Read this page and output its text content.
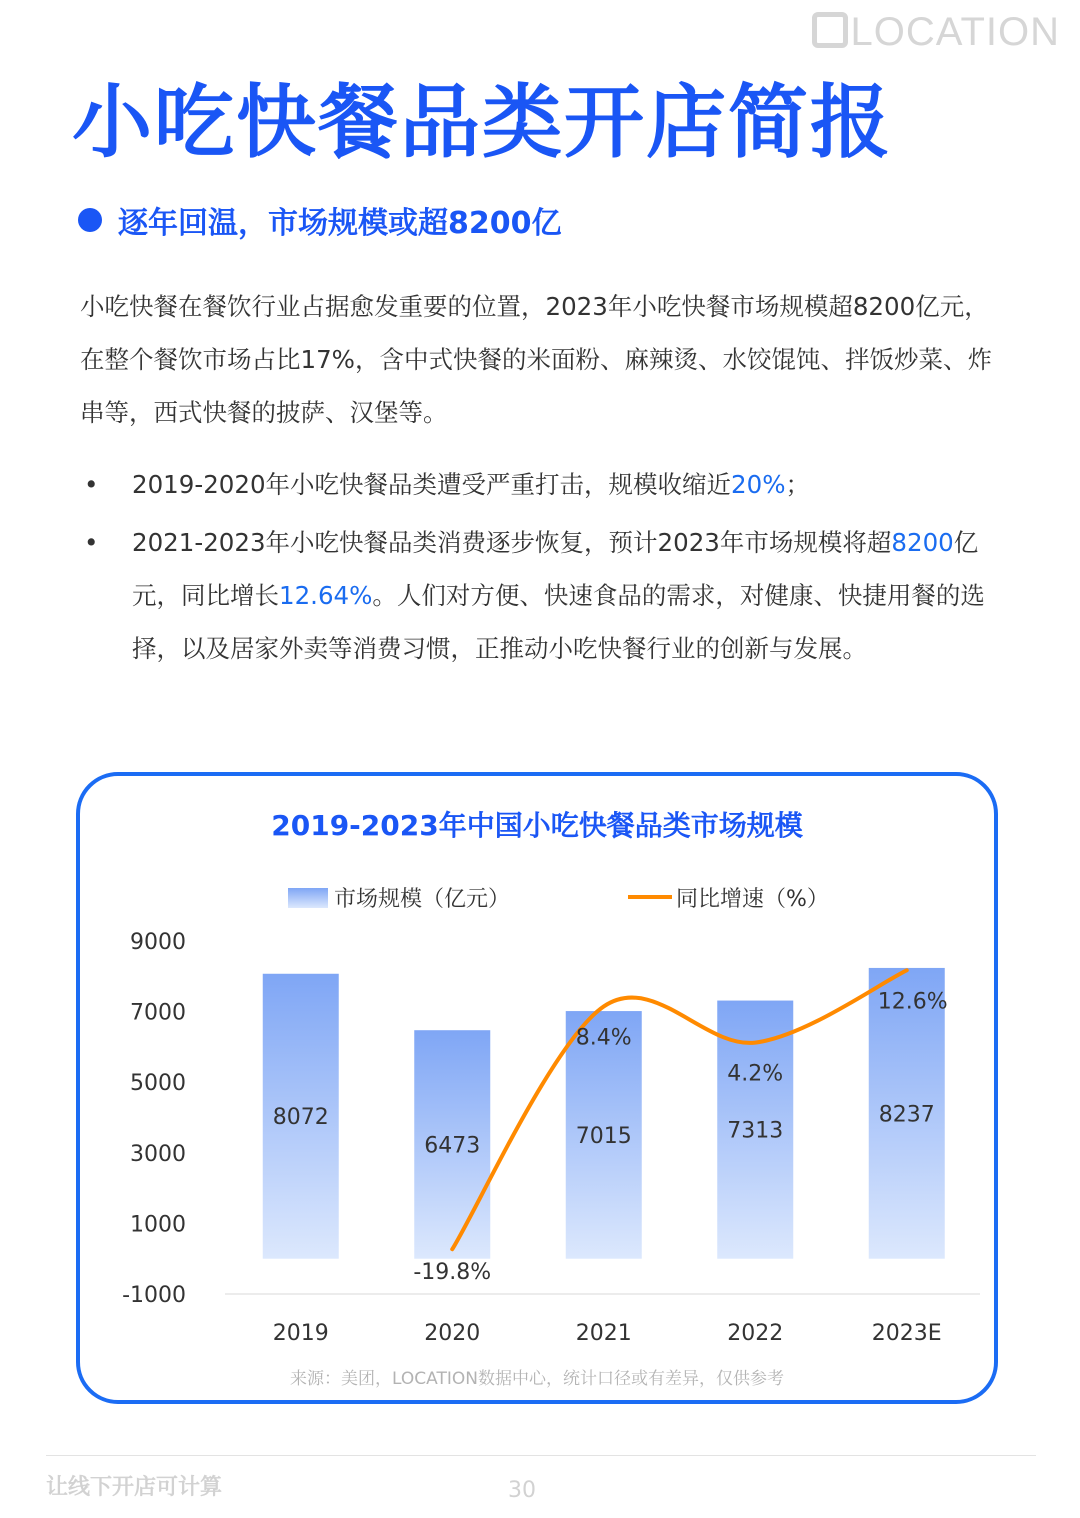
LOCATION
小吃快餐品类开店简报
逐年回温，市场规模或超8200亿

小吃快餐在餐饮行业占据愈发重要的位置，2023年小吃快餐市场规模超8200亿元，在整个餐饮市场占比17%，含中式快餐的米面粉、麻辣烫、水饺馄饨、拌饭炒菜、炸串等，西式快餐的披萨、汉堡等。

• 2019-2020年小吃快餐品类遭受严重打击，规模收缩近20%；
• 2021-2023年小吃快餐品类消费逐步恢复，预计2023年市场规模将超8200亿元，同比增长12.64%。人们对方便、快速食品的需求，对健康、快捷用餐的选择，以及居家外卖等消费习惯，正推动小吃快餐行业的创新与发展。
2019-2023年中国小吃快餐品类市场规模
9000
7000
5000
3000
1000
-1000
8072
6473	7015	7313
8237
2019	2020	2021	2022	2023E
-19.8%
8.4%
4.2%
12.6%
市场规模（亿元）	同比增速（%）
来源：美团，LOCATION数据中心，统计口径或有差异，仅供参考
让线下开店可计算	30
